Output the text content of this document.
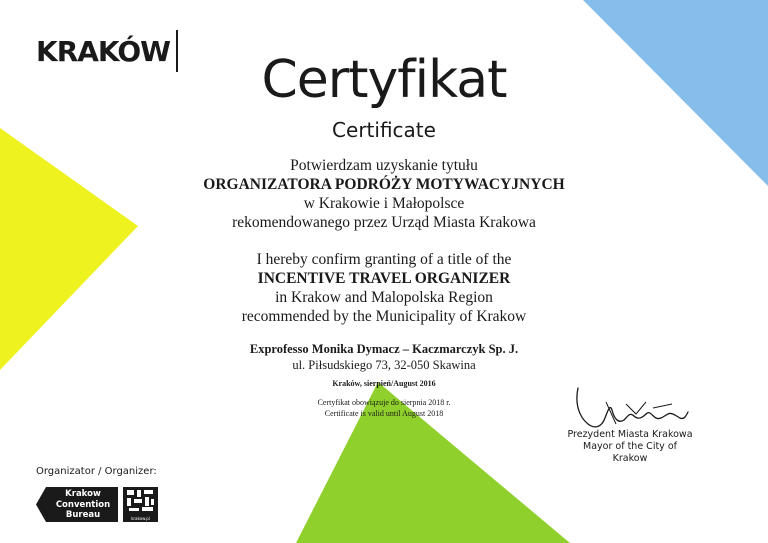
KRAKÓW	Certyfikat
Certificate
Potwierdzam uzyskanie tytułu
ORGANIZATORA PODRÓŻY MOTYWACYJNYCH
w Krakowie i Małopolsce
rekomendowanego przez Urząd Miasta Krakowa
I hereby confirm granting of a title of the
INCENTIVE TRAVEL ORGANIZER
in Krakow and Malopolska Region
recommended by the Municipality of Krakow
Exprofesso Monika Dymacz – Kaczmarczyk Sp. J.
ul. Piłsudskiego 73, 32-050 Skawina
Kraków, sierpień/August 2016
Certyfikat obowiązuje do sierpnia 2018 r.
Certificate is valid until August 2018
Prezydent Miasta Krakowa
Mayor of the City of Krakow
Organizator / Organizer:
Krakow
Convention
Bureau	krakow.pl
